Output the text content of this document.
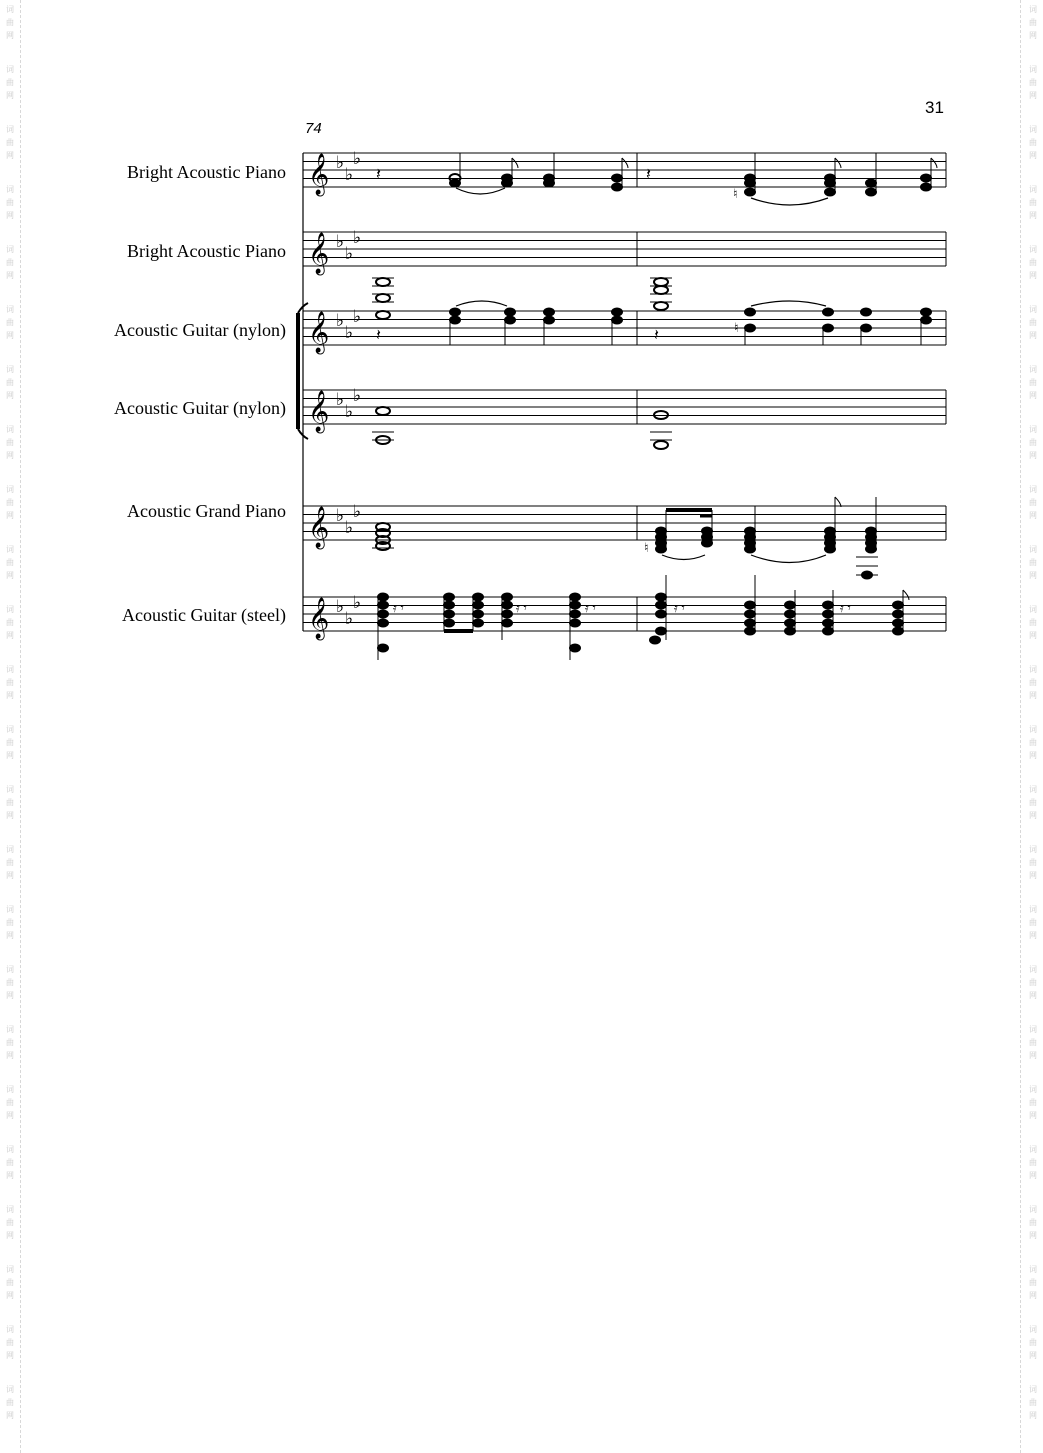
词
曲
网
词
曲
网
词
曲
网
词
曲
网
词
曲
网
词
曲
网
词
曲
网
词
曲
网
词
曲
网
词
曲
网
词
曲
网
词
曲
网
词
曲
网
词
曲
网
词
曲
网
词
曲
网
词
曲
网
词
曲
网
词
曲
网
词
曲
网
词
曲
网
词
曲
网
词
曲
网
词
曲
网
词
曲
网
词
曲
网
词
曲
网
词
曲
网
词
曲
网
词
曲
网
词
曲
网
词
曲
网
词
曲
网
词
曲
网
词
曲
网
词
曲
网
词
曲
网
词
曲
网
词
曲
网
词
曲
网
词
曲
网
词
曲
网
词
曲
网
词
曲
网
词
曲
网
词
曲
网
词
曲
网
词
曲
网
31
74
Bright Acoustic Piano
Bright Acoustic Piano
Acoustic Guitar (nylon)
Acoustic Guitar (nylon)
Acoustic Grand Piano
Acoustic Guitar (steel)
𝄞 ♭
♭
♭
𝄽	𝄽
♮
𝄞 ♭
♭
♭
𝄞 ♭
♭
♭
𝄽	𝄽	♮
𝄞 ♭
♭
♭
𝄞 ♭
♭
♭
♮
𝄞 ♭
♭
♭	𝄿 𝄾	𝄿 𝄾	𝄿 𝄾	𝄿 𝄾	𝄿 𝄾
